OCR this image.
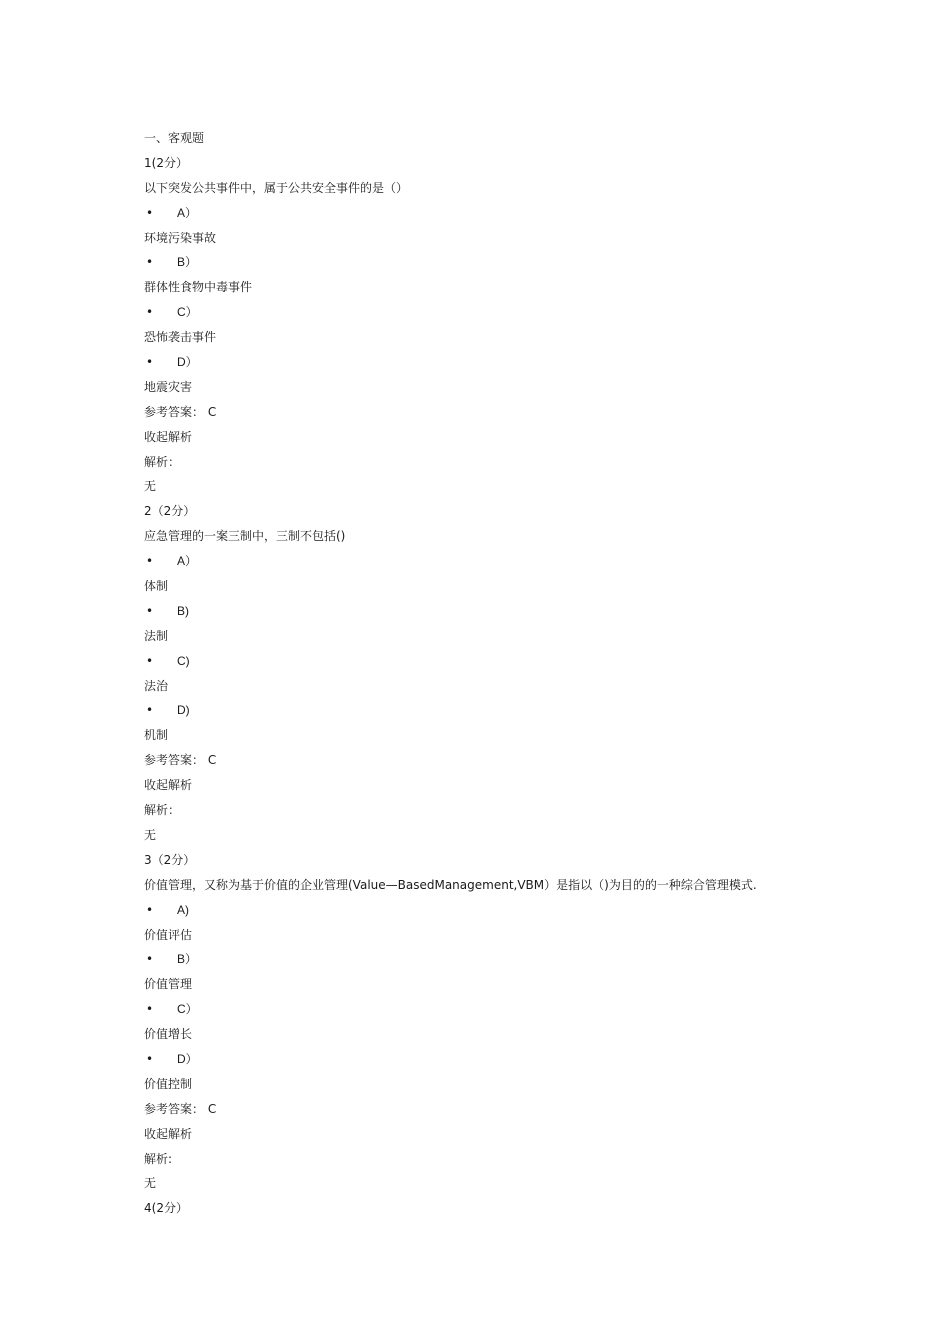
一、客观题
1(2分）
以下突发公共事件中，属于公共安全事件的是（）
• A）
环境污染事故
• B）
群体性食物中毒事件
• C）
恐怖袭击事件
• D）
地震灾害
参考答案： C
收起解析
解析：
无
2（2分）
应急管理的一案三制中，三制不包括()
• A）
体制
• B)
法制
• C)
法治
• D)
机制
参考答案： C
收起解析
解析：
无
3（2分）
价值管理，又称为基于价值的企业管理(Value—BasedManagement,VBM）是指以（)为目的的一种综合管理模式.
• A)
价值评估
• B）
价值管理
• C）
价值增长
• D）
价值控制
参考答案： C
收起解析
解析:
无
4(2分）
